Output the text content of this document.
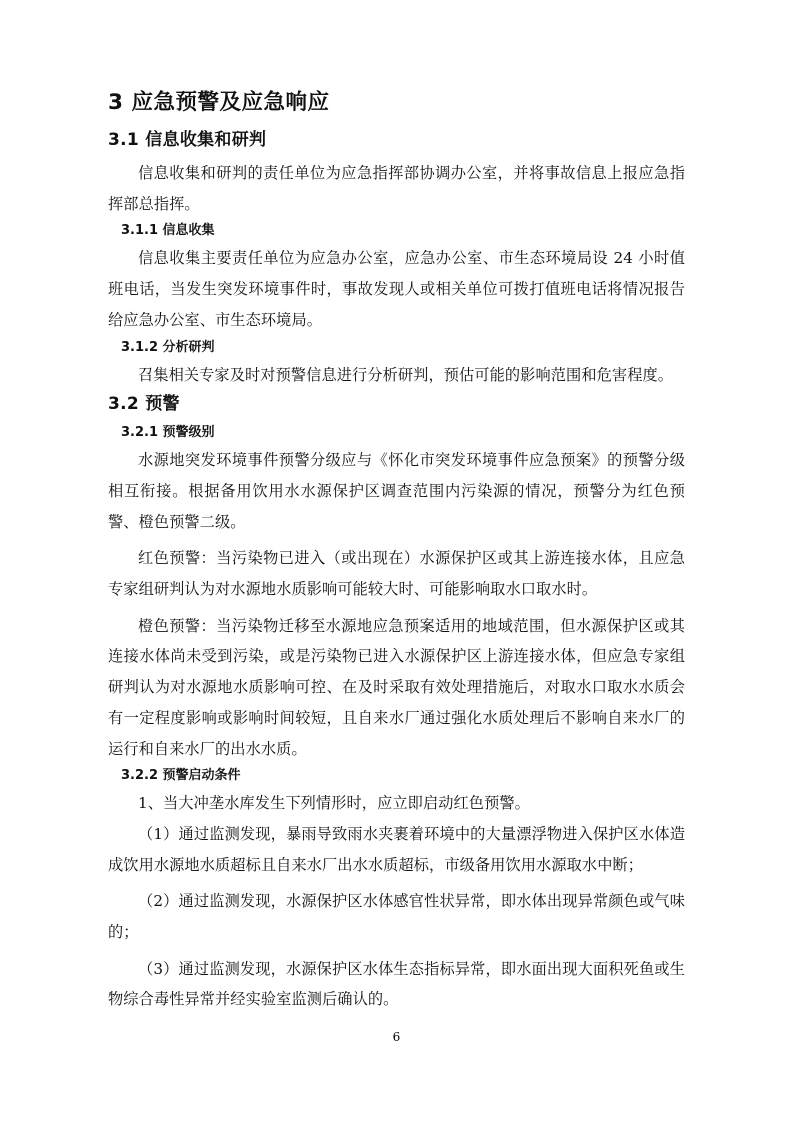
3 应急预警及应急响应
3.1 信息收集和研判

信息收集和研判的责任单位为应急指挥部协调办公室，并将事故信息上报应急指挥部总指挥。

3.1.1 信息收集

信息收集主要责任单位为应急办公室，应急办公室、市生态环境局设 24 小时值班电话，当发生突发环境事件时，事故发现人或相关单位可拨打值班电话将情况报告给应急办公室、市生态环境局。

3.1.2 分析研判

召集相关专家及时对预警信息进行分析研判，预估可能的影响范围和危害程度。

3.2 预警
3.2.1 预警级别

水源地突发环境事件预警分级应与《怀化市突发环境事件应急预案》的预警分级相互衔接。根据备用饮用水水源保护区调查范围内污染源的情况，预警分为红色预警、橙色预警二级。

红色预警：当污染物已进入（或出现在）水源保护区或其上游连接水体，且应急专家组研判认为对水源地水质影响可能较大时、可能影响取水口取水时。

橙色预警：当污染物迁移至水源地应急预案适用的地域范围，但水源保护区或其连接水体尚未受到污染，或是污染物已进入水源保护区上游连接水体，但应急专家组研判认为对水源地水质影响可控、在及时采取有效处理措施后，对取水口取水水质会有一定程度影响或影响时间较短，且自来水厂通过强化水质处理后不影响自来水厂的运行和自来水厂的出水水质。

3.2.2 预警启动条件

1、当大冲垄水库发生下列情形时，应立即启动红色预警。

（1）通过监测发现，暴雨导致雨水夹裹着环境中的大量漂浮物进入保护区水体造成饮用水源地水质超标且自来水厂出水水质超标，市级备用饮用水源取水中断；

（2）通过监测发现，水源保护区水体感官性状异常，即水体出现异常颜色或气味的；

（3）通过监测发现，水源保护区水体生态指标异常，即水面出现大面积死鱼或生物综合毒性异常并经实验室监测后确认的。

6
